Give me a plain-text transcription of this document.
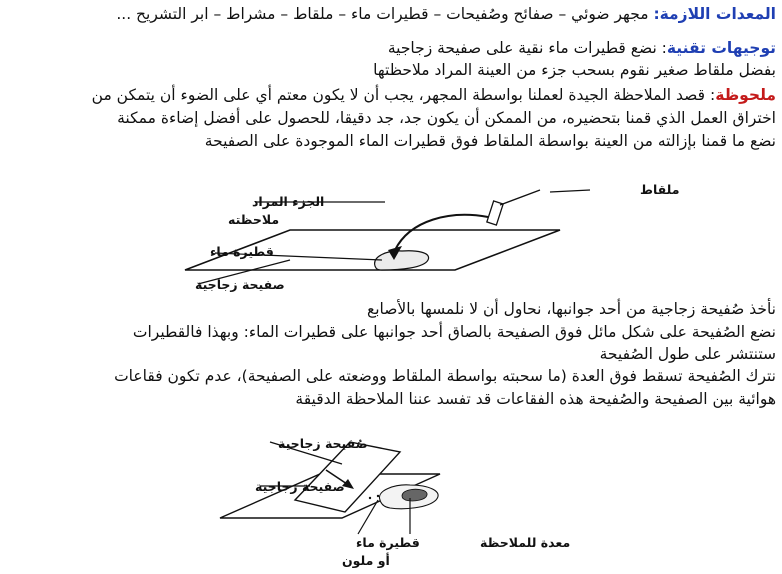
المعدات اللازمة: مجهر ضوئي – صفائح وصُفيحات – قطيرات ماء – ملقاط – مشراط – ابر التشريح ...
توجيهات تقنية: نضع قطيرات ماء نقية على صفيحة زجاجية
بفضل ملقاط صغير نقوم بسحب جزء من العينة المراد ملاحظتها
ملحوظة: قصد الملاحظة الجيدة لعملنا بواسطة المجهر، يجب أن لا يكون معتم أي على الضوء أن يتمكن من
اختراق العمل الذي قمنا بتحضيره، من الممكن أن يكون جد، جد دقيقا، للحصول على أفضل إضاءة ممكنة
نضع ما قمنا بإزالته من العينة بواسطة الملقاط فوق قطيرات الماء الموجودة على الصفيحة
ملقاط
الجزء المراد
ملاحظته
قطيرة ماء
صفيحة زجاجية
نأخذ صُفيحة زجاجية من أحد جوانبها، نحاول أن لا نلمسها بالأصابع
نضع الصُفيحة على شكل مائل فوق الصفيحة بالصاق أحد جوانبها على قطيرات الماء: وبهذا فالقطيرات
ستنتشر على طول الصُفيحة
نترك الصُفيحة تسقط فوق العدة (ما سحبته بواسطة الملقاط ووضعته على الصفيحة)، عدم تكون فقاعات
هوائية بين الصفيحة والصُفيحة هذه الفقاعات قد تفسد عننا الملاحظة الدقيقة
صُفيحة زجاجية
صفيحة زجاجية
قطيرة ماء
أو ملون
معدة للملاحظة
